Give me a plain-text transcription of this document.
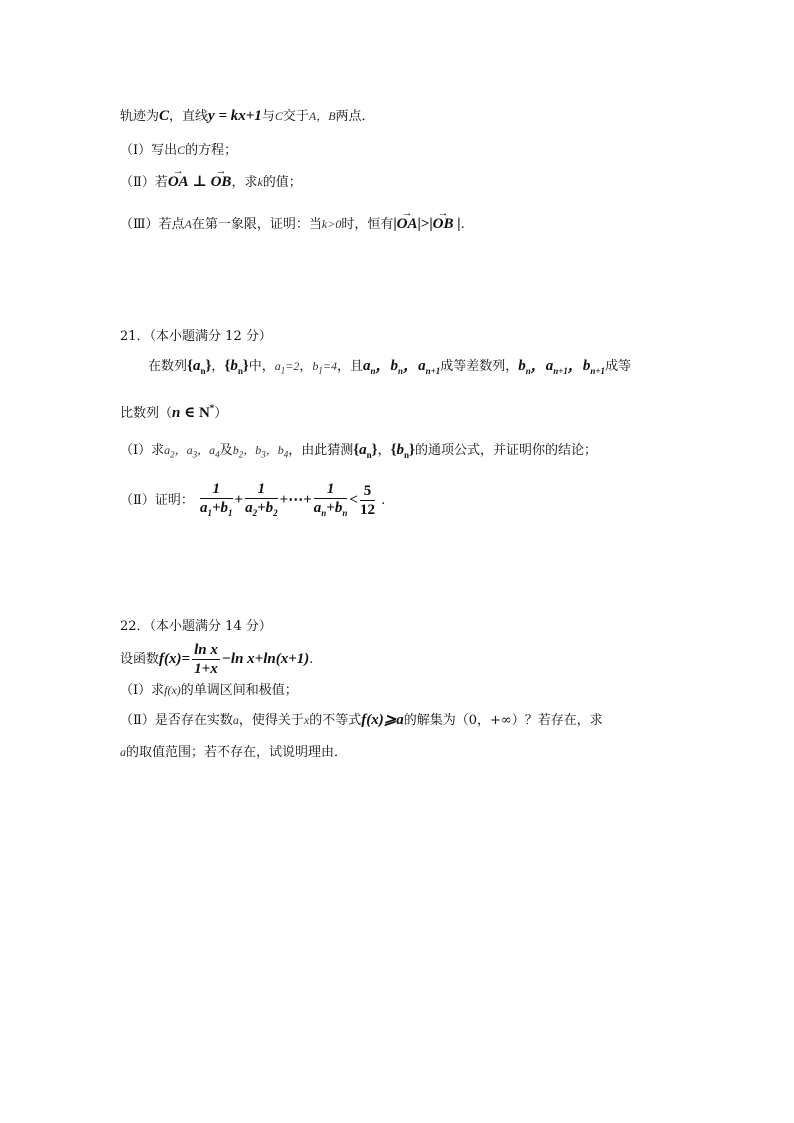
轨迹为C，直线y = kx+1与C交于A，B两点．
（Ⅰ）写出C的方程；
（Ⅱ）若→ OA ⊥ → OB，求k的值；
（Ⅲ）若点A在第一象限，证明：当k>0时，恒有|→ OA|>|→ OB |.
21．（本小题满分 12 分）
在数列$\{a_n\}$，$\{b_n\}$中，$a_1=2$，$b_1=4$，且$a_n$，$b_n$，$a_{n+1}$成等差数列，$b_n$，$a_{n+1}$，$b_{n+1}$成等
比数列（n ∈ N*）
（Ⅰ）求$a_2$，$a_3$，$a_4$及$b_2$，$b_3$，$b_4$，由此猜测$\{a_n\}$，$\{b_n\}$的通项公式，并证明你的结论；
（Ⅱ）证明： $\frac{1}{a_1+b_1} + \frac{1}{a_2+b_2}$ +⋯+ $\frac{1}{a_n+b_n} < \frac{5}{12}$ .
22．（本小题满分 14 分）
设函数$f(x)= \frac{\text{ln x}}{1+x} -\ln$ x+ln(x+1).
（Ⅰ）求f(x)的单调区间和极值；
（Ⅱ）是否存在实数a，使得关于x的不等式f(x)⩾a的解集为（0，+∞）？若存在，求
a的取值范围；若不存在，试说明理由．
